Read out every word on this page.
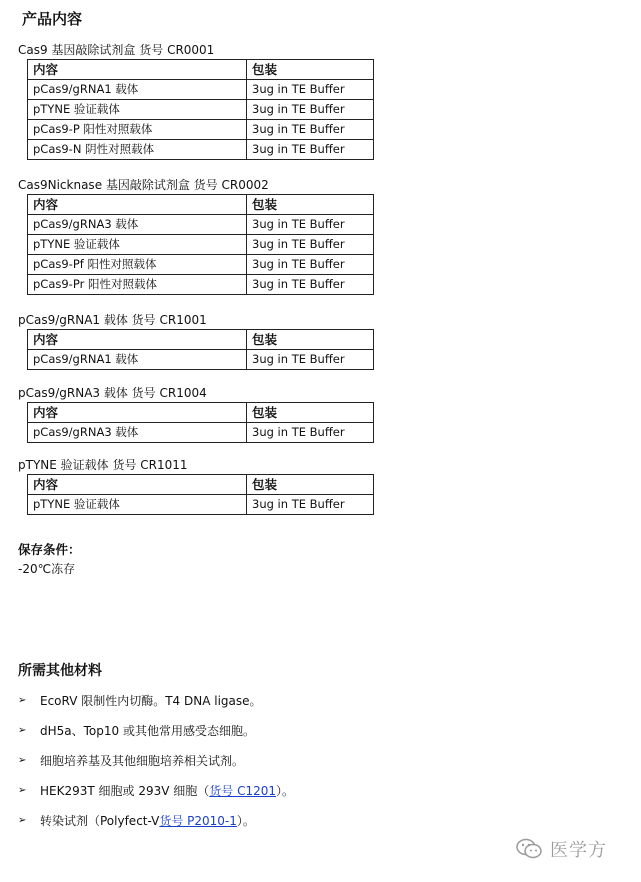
产品内容
Cas9 基因敲除试剂盒 货号 CR0001
内容	包装
pCas9/gRNA1 载体	3ug in TE Buffer
pTYNE 验证载体	3ug in TE Buffer
pCas9-P 阳性对照载体	3ug in TE Buffer
pCas9-N 阴性对照载体	3ug in TE Buffer
Cas9Nicknase 基因敲除试剂盒 货号 CR0002
内容	包装
pCas9/gRNA3 载体	3ug in TE Buffer
pTYNE 验证载体	3ug in TE Buffer
pCas9-Pf 阳性对照载体	3ug in TE Buffer
pCas9-Pr 阳性对照载体	3ug in TE Buffer
pCas9/gRNA1 载体 货号 CR1001
内容	包装
pCas9/gRNA1 载体	3ug in TE Buffer
pCas9/gRNA3 载体 货号 CR1004
内容	包装
pCas9/gRNA3 载体	3ug in TE Buffer
pTYNE 验证载体 货号 CR1011
内容	包装
pTYNE 验证载体	3ug in TE Buffer
保存条件：
-20℃冻存
所需其他材料
➢ EcoRV 限制性内切酶。T4 DNA ligase。
➢ dH5a、Top10 或其他常用感受态细胞。
➢ 细胞培养基及其他细胞培养相关试剂。
➢ HEK293T 细胞或 293V 细胞（ 货号 C1201 ）。
➢ 转染试剂（Polyfect-V 货号 P2010-1 ）。
医学方
